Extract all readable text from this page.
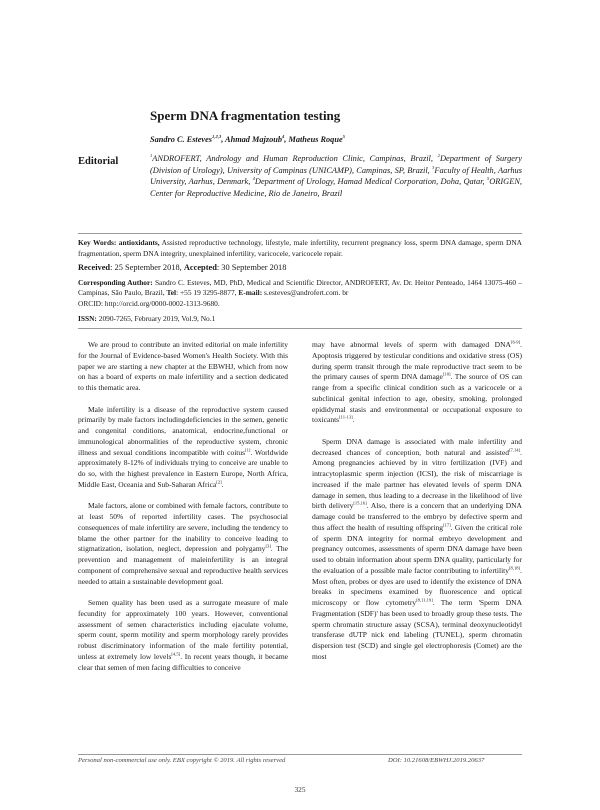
Sperm DNA fragmentation testing
Sandro C. Esteves$^{1,2,3}$, Ahmad Majzoub$^4$, Matheus Roque$^5$
Editorial
$^1$ANDROFERT, Andrology and Human Reproduction Clinic, Campinas, Brazil, $^2$Department of Surgery (Division of Urology), University of Campinas (UNICAMP), Campinas, SP, Brazil, $^3$Faculty of Health, Aarhus University, Aarhus, Denmark, $^4$Department of Urology, Hamad Medical Corporation, Doha, Qatar, $^5$ORIGEN, Center for Reproductive Medicine, Rio de Janeiro, Brazil

Key Words: antioxidants, Assisted reproductive technology, lifestyle, male infertility, recurrent pregnancy loss, sperm DNA damage, sperm DNA fragmentation, sperm DNA integrity, unexplained infertility, varicocele, varicocele repair.

Received: 25 September 2018, Accepted: 30 September 2018

Corresponding Author: Sandro C. Esteves, MD, PhD, Medical and Scientific Director, ANDROFERT, Av. Dr. Heitor Penteado, 1464 13075-460 – Campinas, Sāo Paulo, Brazil, Tel: +55 19 3295-8877, E-mail: s.esteves@androfert.com. br

ORCID: http://orcid.org/0000-0002-1313-9680.

ISSN: 2090-7265, February 2019, Vol.9, No.1

We are proud to contribute an invited editorial on male infertility for the Journal of Evidence-based Women's Health Society. With this paper we are starting a new chapter at the EBWHJ, which from now on has a board of experts on male infertility and a section dedicated to this thematic area.

Male infertility is a disease of the reproductive system caused primarily by male factors includingdeficiencies in the semen, genetic and congenital conditions, anatomical, endocrine,functional or immunological abnormalities of the reproductive system, chronic illness and sexual conditions incompatible with coitus[1]. Worldwide approximately 8-12% of individuals trying to conceive are unable to do so, with the highest prevalence in Eastern Europe, North Africa, Middle East, Oceania and Sub-Saharan Africa[2].

Male factors, alone or combined with female factors, contribute to at least 50% of reported infertility cases. The psychosocial consequences of male infertility are severe, including the tendency to blame the other partner for the inability to conceive leading to stigmatization, isolation, neglect, depression and polygamy[3]. The prevention and management of maleinfertility is an integral component of comprehensive sexual and reproductive health services needed to attain a sustainable development goal.

Semen quality has been used as a surrogate measure of male fecundity for approximately 100 years. However, conventional assessment of semen characteristics including ejaculate volume, sperm count, sperm motility and sperm morphology rarely provides robust discriminatory information of the male fertility potential, unless at extremely low levels[4,5]. In recent years though, it became clear that semen of men facing difficulties to conceive

may have abnormal levels of sperm with damaged DNA[6-9]. Apoptosis triggered by testicular conditions and oxidative stress (OS) during sperm transit through the male reproductive tract seem to be the primary causes of sperm DNA damage[10]. The source of OS can range from a specific clinical condition such as a varicocele or a subclinical genital infection to age, obesity, smoking, prolonged epididymal stasis and environmental or occupational exposure to toxicants[11-13].

Sperm DNA damage is associated with male infertility and decreased chances of conception, both natural and assisted[7,14]. Among pregnancies achieved by in vitro fertilization (IVF) and intracytoplasmic sperm injection (ICSI), the risk of miscarriage is increased if the male partner has elevated levels of sperm DNA damage in semen, thus leading to a decrease in the likelihood of live birth delivery[15,16]. Also, there is a concern that an underlying DNA damage could be transferred to the embryo by defective sperm and thus affect the health of resulting offspring[17]. Given the critical role of sperm DNA integrity for normal embryo development and pregnancy outcomes, assessments of sperm DNA damage have been used to obtain information about sperm DNA quality, particularly for the evaluation of a possible male factor contributing to infertility[8,18]. Most often, probes or dyes are used to identify the existence of DNA breaks in specimens examined by fluorescence and optical microscopy or flow cytometry[8,11,19]. The term 'Sperm DNA Fragmentation (SDF)' has been used to broadly group these tests. The sperm chromatin structure assay (SCSA), terminal deoxynucleotidyl transferase dUTP nick end labeling (TUNEL), sperm chromatin dispersion test (SCD) and single gel electrophoresis (Comet) are the most

Personal non-commercial use only. EBX copyright © 2019. All rights reserved	DOI: 10.21608/EBWHJ.2019.20637
325
